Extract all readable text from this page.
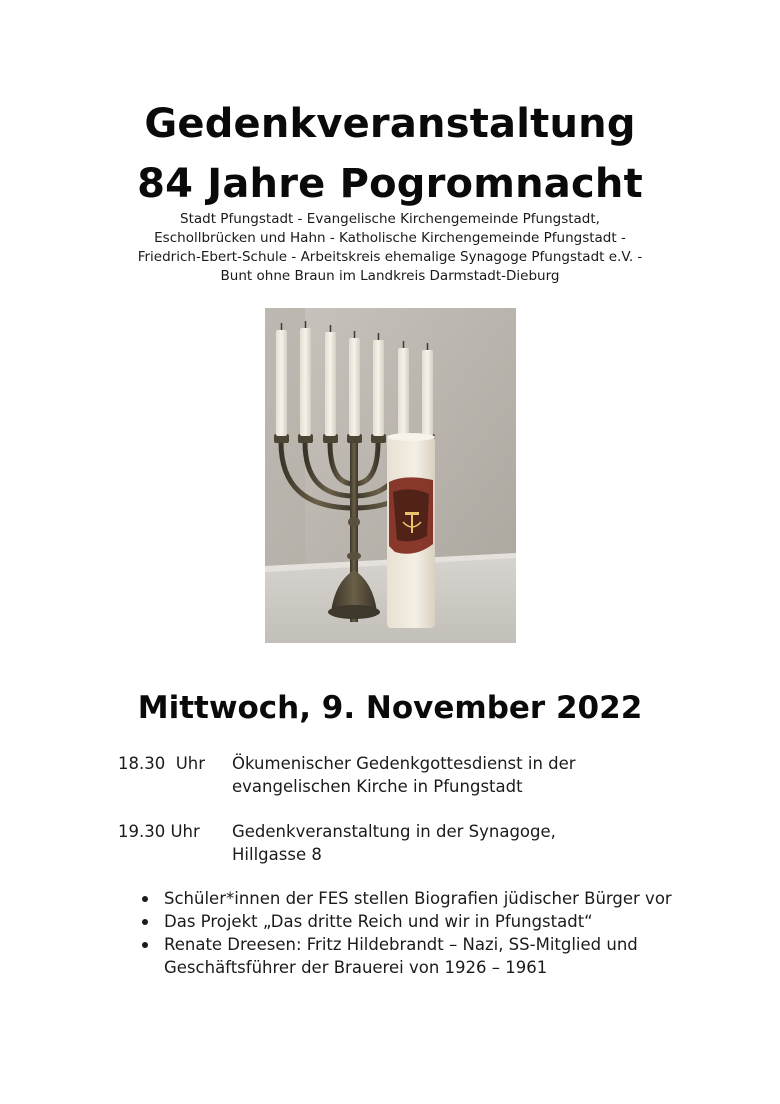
Gedenkveranstaltung
84 Jahre Pogromnacht
Stadt Pfungstadt - Evangelische Kirchengemeinde Pfungstadt,
Eschollbrücken und Hahn - Katholische Kirchengemeinde Pfungstadt -
Friedrich-Ebert-Schule - Arbeitskreis ehemalige Synagoge Pfungstadt e.V. -
Bunt ohne Braun im Landkreis Darmstadt-Dieburg
Mittwoch, 9. November 2022
18.30  Uhr Ökumenischer Gedenkgottesdienst in der
evangelischen Kirche in Pfungstadt
19.30 Uhr Gedenkveranstaltung in der Synagoge,
Hillgasse 8
Schüler*innen der FES stellen Biografien jüdischer Bürger vor
Das Projekt „Das dritte Reich und wir in Pfungstadt“
Renate Dreesen: Fritz Hildebrandt – Nazi, SS-Mitglied und
Geschäftsführer der Brauerei von 1926 – 1961
